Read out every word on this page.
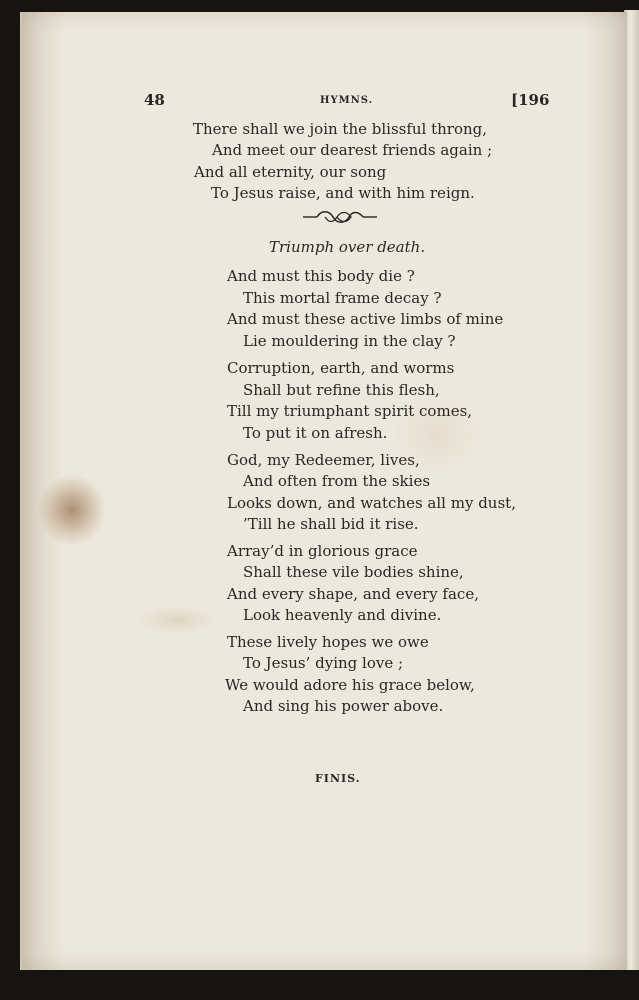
48	HYMNS.	[196
There shall we join the blissful throng,
And meet our dearest friends again ;
And all eternity, our song
To Jesus raise, and with him reign.
Triumph over death.
And must this body die ?
This mortal frame decay ?
And must these active limbs of mine
Lie mouldering in the clay ?
Corruption, earth, and worms
Shall but refine this flesh,
Till my triumphant spirit comes,
To put it on afresh.
God, my Redeemer, lives,
And often from the skies
Looks down, and watches all my dust,
’Till he shall bid it rise.
Array’d in glorious grace
Shall these vile bodies shine,
And every shape, and every face,
Look heavenly and divine.
These lively hopes we owe
To Jesus’ dying love ;
We would adore his grace below,
And sing his power above.
FINIS.
